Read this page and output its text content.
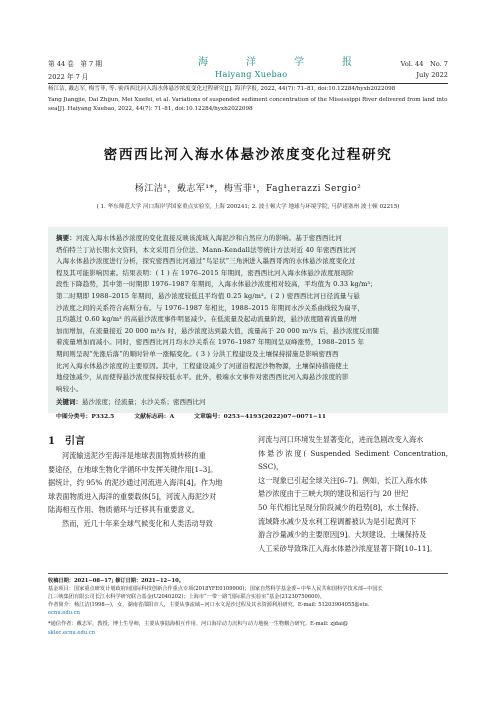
第 44 卷　第 7 期
2022 年 7 月
海　洋　学　报
Haiyang Xuebao
Vol. 44　No. 7
July 2022
杨江洁, 戴志军, 梅雪菲, 等. 密西西比河入海水体悬沙浓度变化过程研究[J]. 海洋学报, 2022, 44(7): 71–81, doi:10.12284/hyxb2022098
Yang Jiangjie, Dai Zhijun, Mei Xuefei, et al. Variations of suspended sediment concentration of the Mississippi River delivered from land into
sea[J]. Haiyang Xuebao, 2022, 44(7): 71–81, doi:10.12284/hyxb2022098
密西西比河入海水体悬沙浓度变化过程研究
杨江洁¹，戴志军¹*，梅雪菲¹，Fagherazzi Sergio²
( 1. 华东师范大学 河口海岸学国家重点实验室, 上海 200241; 2. 波士顿大学 地球与环境学院, 马萨诸塞州 波士顿 02215)
摘要：河流入海水体悬沙浓度的变化直接反映该流域入海泥沙和自然应力的影响。基于密西西比河
塔伯特兰丁站长期水文资料，本文采用百分位法、Mann-Kendall法等统计方法对近 40 年密西西比河
入海水体悬沙浓度进行分析，探究密西西比河通过“鸟足状”三角洲进入墨西哥湾的水体悬沙浓度变化过
程及其可能影响因素。结果表明：( 1 ) 在 1976–2015 年期间，密西西比河入海水体悬沙浓度展现阶
段性下降趋势，其中第一时期即 1976–1987 年期间，入海水体悬沙浓度相对较高，平均值为 0.33 kg/m³；
第二时期即 1988–2015 年期间，悬沙浓度较低且平均值 0.25 kg/m³。( 2 ) 密西西比河日径流量与悬
沙浓度之间的关系符合高斯分布。与 1976–1987 年相比，1988–2015 年期间水沙关系曲线较为扁平，
且均越过 0.60 kg/m³ 的高悬沙浓度事件明显减少。在低流量及起动流量阶段，悬沙浓度随着流量的增
加而增加，在流量接近 20 000 m³/s 时，悬沙浓度达到最大值，流量高于 20 000 m³/s 后，悬沙浓度反而随
着流量增加而减小。同时，密西西比河月均水沙关系在 1976–1987 年期间呈双峰涨势，1988–2015 年
期间则呈现“先涨后落”的顺时针单一涨幅变化。( 3 ) 分洪工程建设及土壤保持措施是影响密西西
比河入海水体悬沙浓度的主要原因。其中，工程建设减少了河道沿程泥沙物物源，土壤保持措施使土
地侵蚀减少，从而使得悬沙浓度保持较低水平。此外，极端水文事件对密西西比河入海悬沙浓度的影
响较小。
关键词：悬沙浓度；径流量；水沙关系；密西西比河
中图分类号：P332.5	文献标志码：A	文章编号：0253−4193(2022)07−0071−11
1　引言
河流输送泥沙至海洋是地球表面物质转移的重
要途径，在地球生物化学循环中发挥关键作用[1–3]。
据统计，约 95% 的泥沙通过河流进入海洋[4]。作为地
球表面物质进入海洋的重要载体[5]，河流入海泥沙对
陆海相互作用、物质循环与迁移具有重要意义。
然而，近几十年来全球气候变化和人类活动导致
河流与河口环境发生显著变化，进而急剧改变入海水
体悬沙浓度( Suspended Sediment Concentration, SSC)，
这一现象已引起全球关注[6–7]。例如，长江入海水体
悬沙浓度由于三峡大坝的建设和运行与 20 世纪
50 年代相比呈现分阶段减少的趋势[8]，水土保持、
流域降水减少及水利工程调蓄被认为是引起黄河下
游含沙量减少的主要原因[9]。大坝建设、土壤保持及
人工采砂导致珠江入海水体悬沙浓度显著下降[10–11]。
收稿日期：2021−08−17; 修订日期：2021−12−10。
基金项目：国家重点研发计划政府间国际科技创新合作重点专项(2018YFE0109900)；国家自然科学基金委−中华人民共和国科学技术部−中国长
江三峡集团有限公司长江水科学研究联合基金(U2040202)；上海市“一带一路”国际联合实验室“基金(21230750600)。
作者简介：杨江洁(1998—)，女，湖南省邵阳市人，主要从事流域−河口水文泥沙过程及其水资源利用研究。E-mail: 51203904055@stu.
ecnu.edu.cn
*通信作者：戴志军，教授，博士生导师，主要从事陆海相互作用、河口海岸动力沉积与动力地貌一生物耦合研究。E-mail: zjdai@
sklec.ecnu.edu.cn
